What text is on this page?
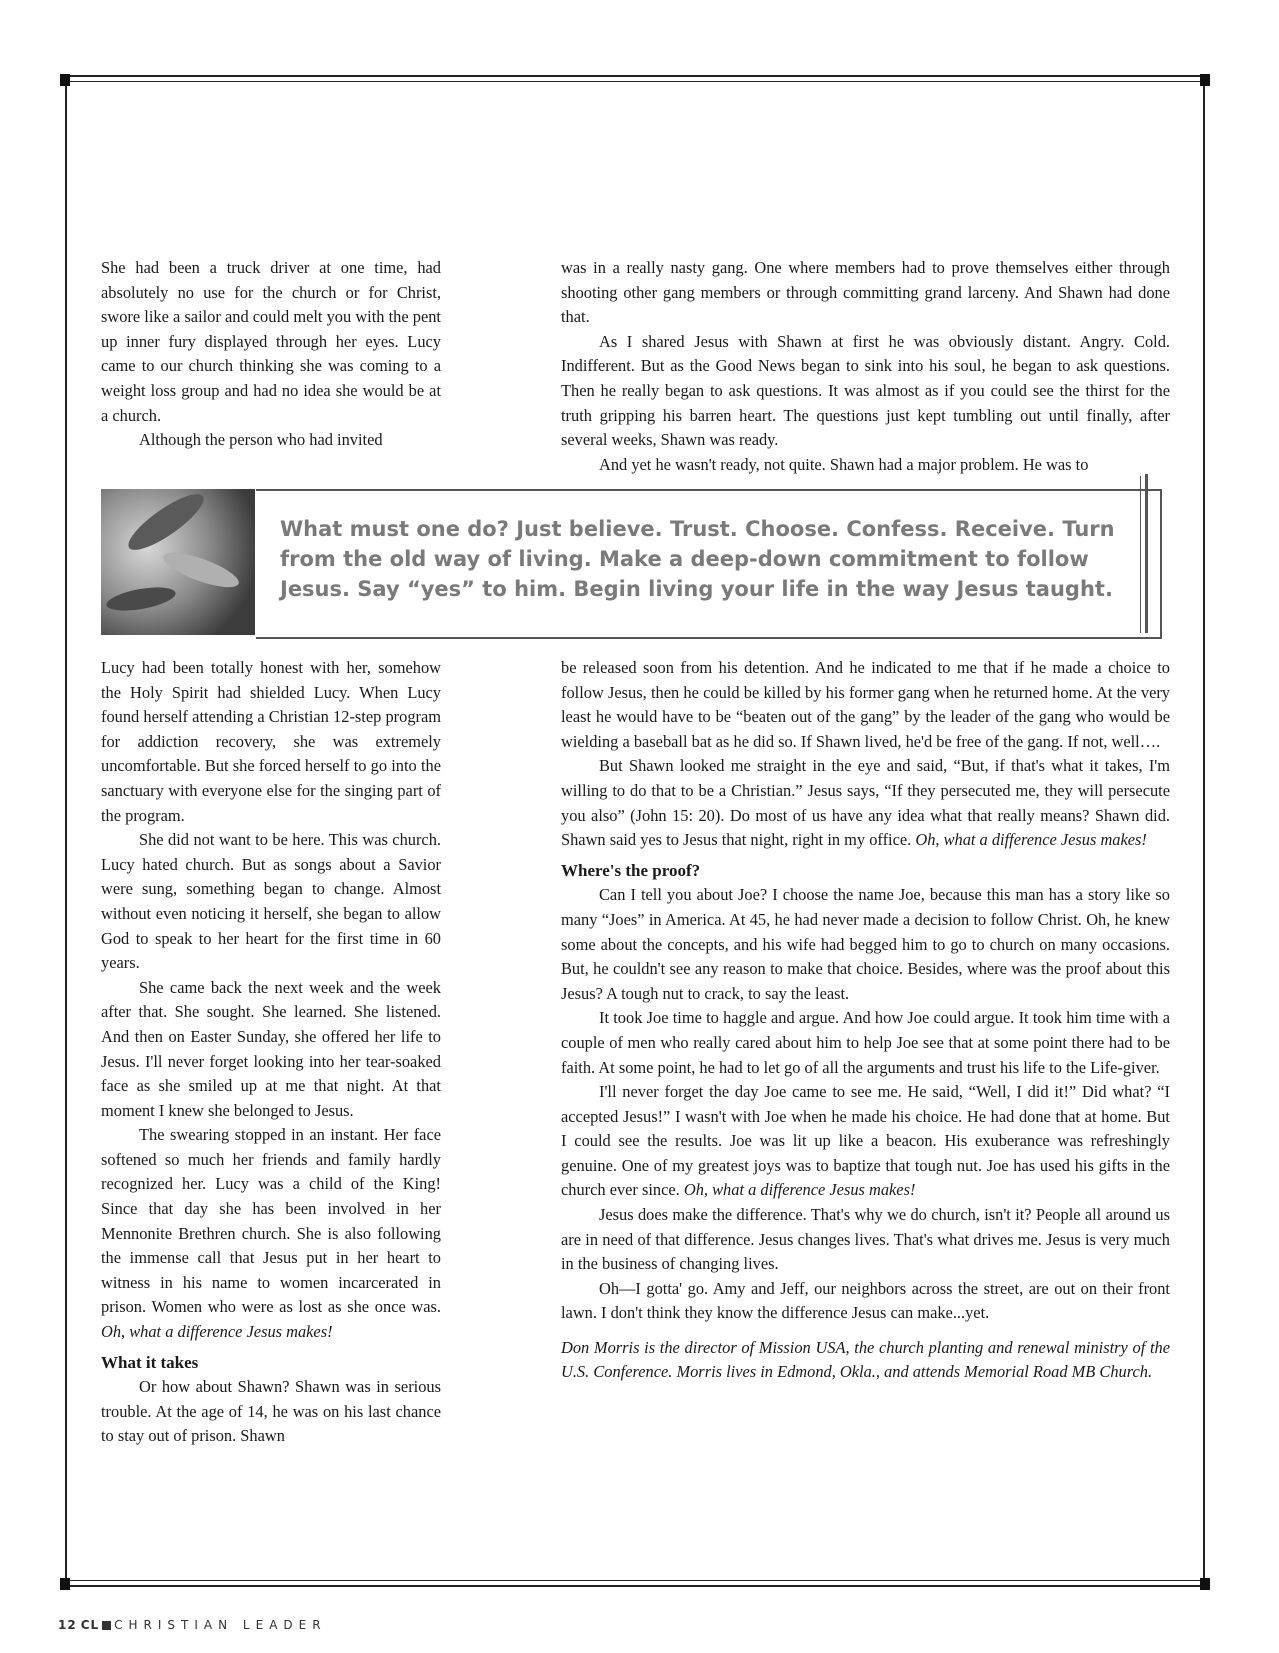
She had been a truck driver at one time, had absolutely no use for the church or for Christ, swore like a sailor and could melt you with the pent up inner fury displayed through her eyes. Lucy came to our church thinking she was coming to a weight loss group and had no idea she would be at a church.

Although the person who had invited

was in a really nasty gang. One where members had to prove themselves either through shooting other gang members or through committing grand larceny. And Shawn had done that.

As I shared Jesus with Shawn at first he was obviously distant. Angry. Cold. Indifferent. But as the Good News began to sink into his soul, he began to ask questions. Then he really began to ask questions. It was almost as if you could see the thirst for the truth gripping his barren heart. The questions just kept tumbling out until finally, after several weeks, Shawn was ready.

And yet he wasn't ready, not quite. Shawn had a major problem. He was to

What must one do? Just believe. Trust. Choose. Confess. Receive. Turn from the old way of living. Make a deep-down commitment to follow Jesus. Say “yes” to him. Begin living your life in the way Jesus taught.

Lucy had been totally honest with her, somehow the Holy Spirit had shielded Lucy. When Lucy found herself attending a Christian 12-step program for addiction recovery, she was extremely uncomfortable. But she forced herself to go into the sanctuary with everyone else for the singing part of the program.

She did not want to be here. This was church. Lucy hated church. But as songs about a Savior were sung, something began to change. Almost without even noticing it herself, she began to allow God to speak to her heart for the first time in 60 years.

She came back the next week and the week after that. She sought. She learned. She listened. And then on Easter Sunday, she offered her life to Jesus. I'll never forget looking into her tear-soaked face as she smiled up at me that night. At that moment I knew she belonged to Jesus.

The swearing stopped in an instant. Her face softened so much her friends and family hardly recognized her. Lucy was a child of the King! Since that day she has been involved in her Mennonite Brethren church. She is also following the immense call that Jesus put in her heart to witness in his name to women incarcerated in prison. Women who were as lost as she once was. Oh, what a difference Jesus makes!

What it takes

Or how about Shawn? Shawn was in serious trouble. At the age of 14, he was on his last chance to stay out of prison. Shawn

be released soon from his detention. And he indicated to me that if he made a choice to follow Jesus, then he could be killed by his former gang when he returned home. At the very least he would have to be “beaten out of the gang” by the leader of the gang who would be wielding a baseball bat as he did so. If Shawn lived, he'd be free of the gang. If not, well….

But Shawn looked me straight in the eye and said, “But, if that's what it takes, I'm willing to do that to be a Christian.” Jesus says, “If they persecuted me, they will persecute you also” (John 15: 20). Do most of us have any idea what that really means? Shawn did. Shawn said yes to Jesus that night, right in my office. Oh, what a difference Jesus makes!

Where's the proof?

Can I tell you about Joe? I choose the name Joe, because this man has a story like so many “Joes” in America. At 45, he had never made a decision to follow Christ. Oh, he knew some about the concepts, and his wife had begged him to go to church on many occasions. But, he couldn't see any reason to make that choice. Besides, where was the proof about this Jesus? A tough nut to crack, to say the least.

It took Joe time to haggle and argue. And how Joe could argue. It took him time with a couple of men who really cared about him to help Joe see that at some point there had to be faith. At some point, he had to let go of all the arguments and trust his life to the Life-giver.

I'll never forget the day Joe came to see me. He said, “Well, I did it!” Did what? “I accepted Jesus!” I wasn't with Joe when he made his choice. He had done that at home. But I could see the results. Joe was lit up like a beacon. His exuberance was refreshingly genuine. One of my greatest joys was to baptize that tough nut. Joe has used his gifts in the church ever since. Oh, what a difference Jesus makes!

Jesus does make the difference. That's why we do church, isn't it? People all around us are in need of that difference. Jesus changes lives. That's what drives me. Jesus is very much in the business of changing lives.

Oh—I gotta' go. Amy and Jeff, our neighbors across the street, are out on their front lawn. I don't think they know the difference Jesus can make...yet.

Don Morris is the director of Mission USA, the church planting and renewal ministry of the U.S. Conference. Morris lives in Edmond, Okla., and attends Memorial Road MB Church.

12 CL CHRISTIAN LEADER
